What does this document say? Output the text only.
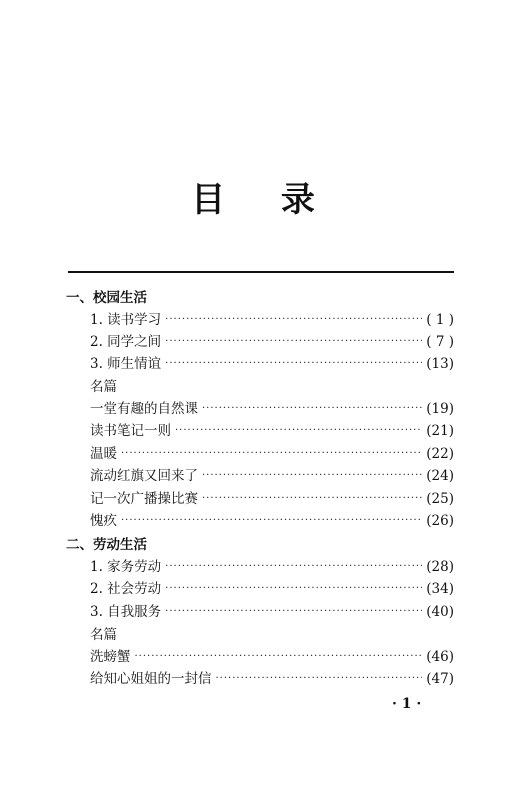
目 录
一、校园生活
1. 读书学习 ·····	( 1 )
2. 同学之间 ·····	( 7 )
3. 师生情谊 ·····	(13)
名篇
一堂有趣的自然课 ·····	(19)
读书笔记一则 ·····	(21)
温暖 ·····	(22)
流动红旗又回来了 ·····	(24)
记一次广播操比赛 ·····	(25)
愧疚 ·····	(26)
二、劳动生活
1. 家务劳动 ·····	(28)
2. 社会劳动 ·····	(34)
3. 自我服务 ·····	(40)
名篇
洗螃蟹 ·····	(46)
给知心姐姐的一封信 ·····	(47)
· 1 ·
